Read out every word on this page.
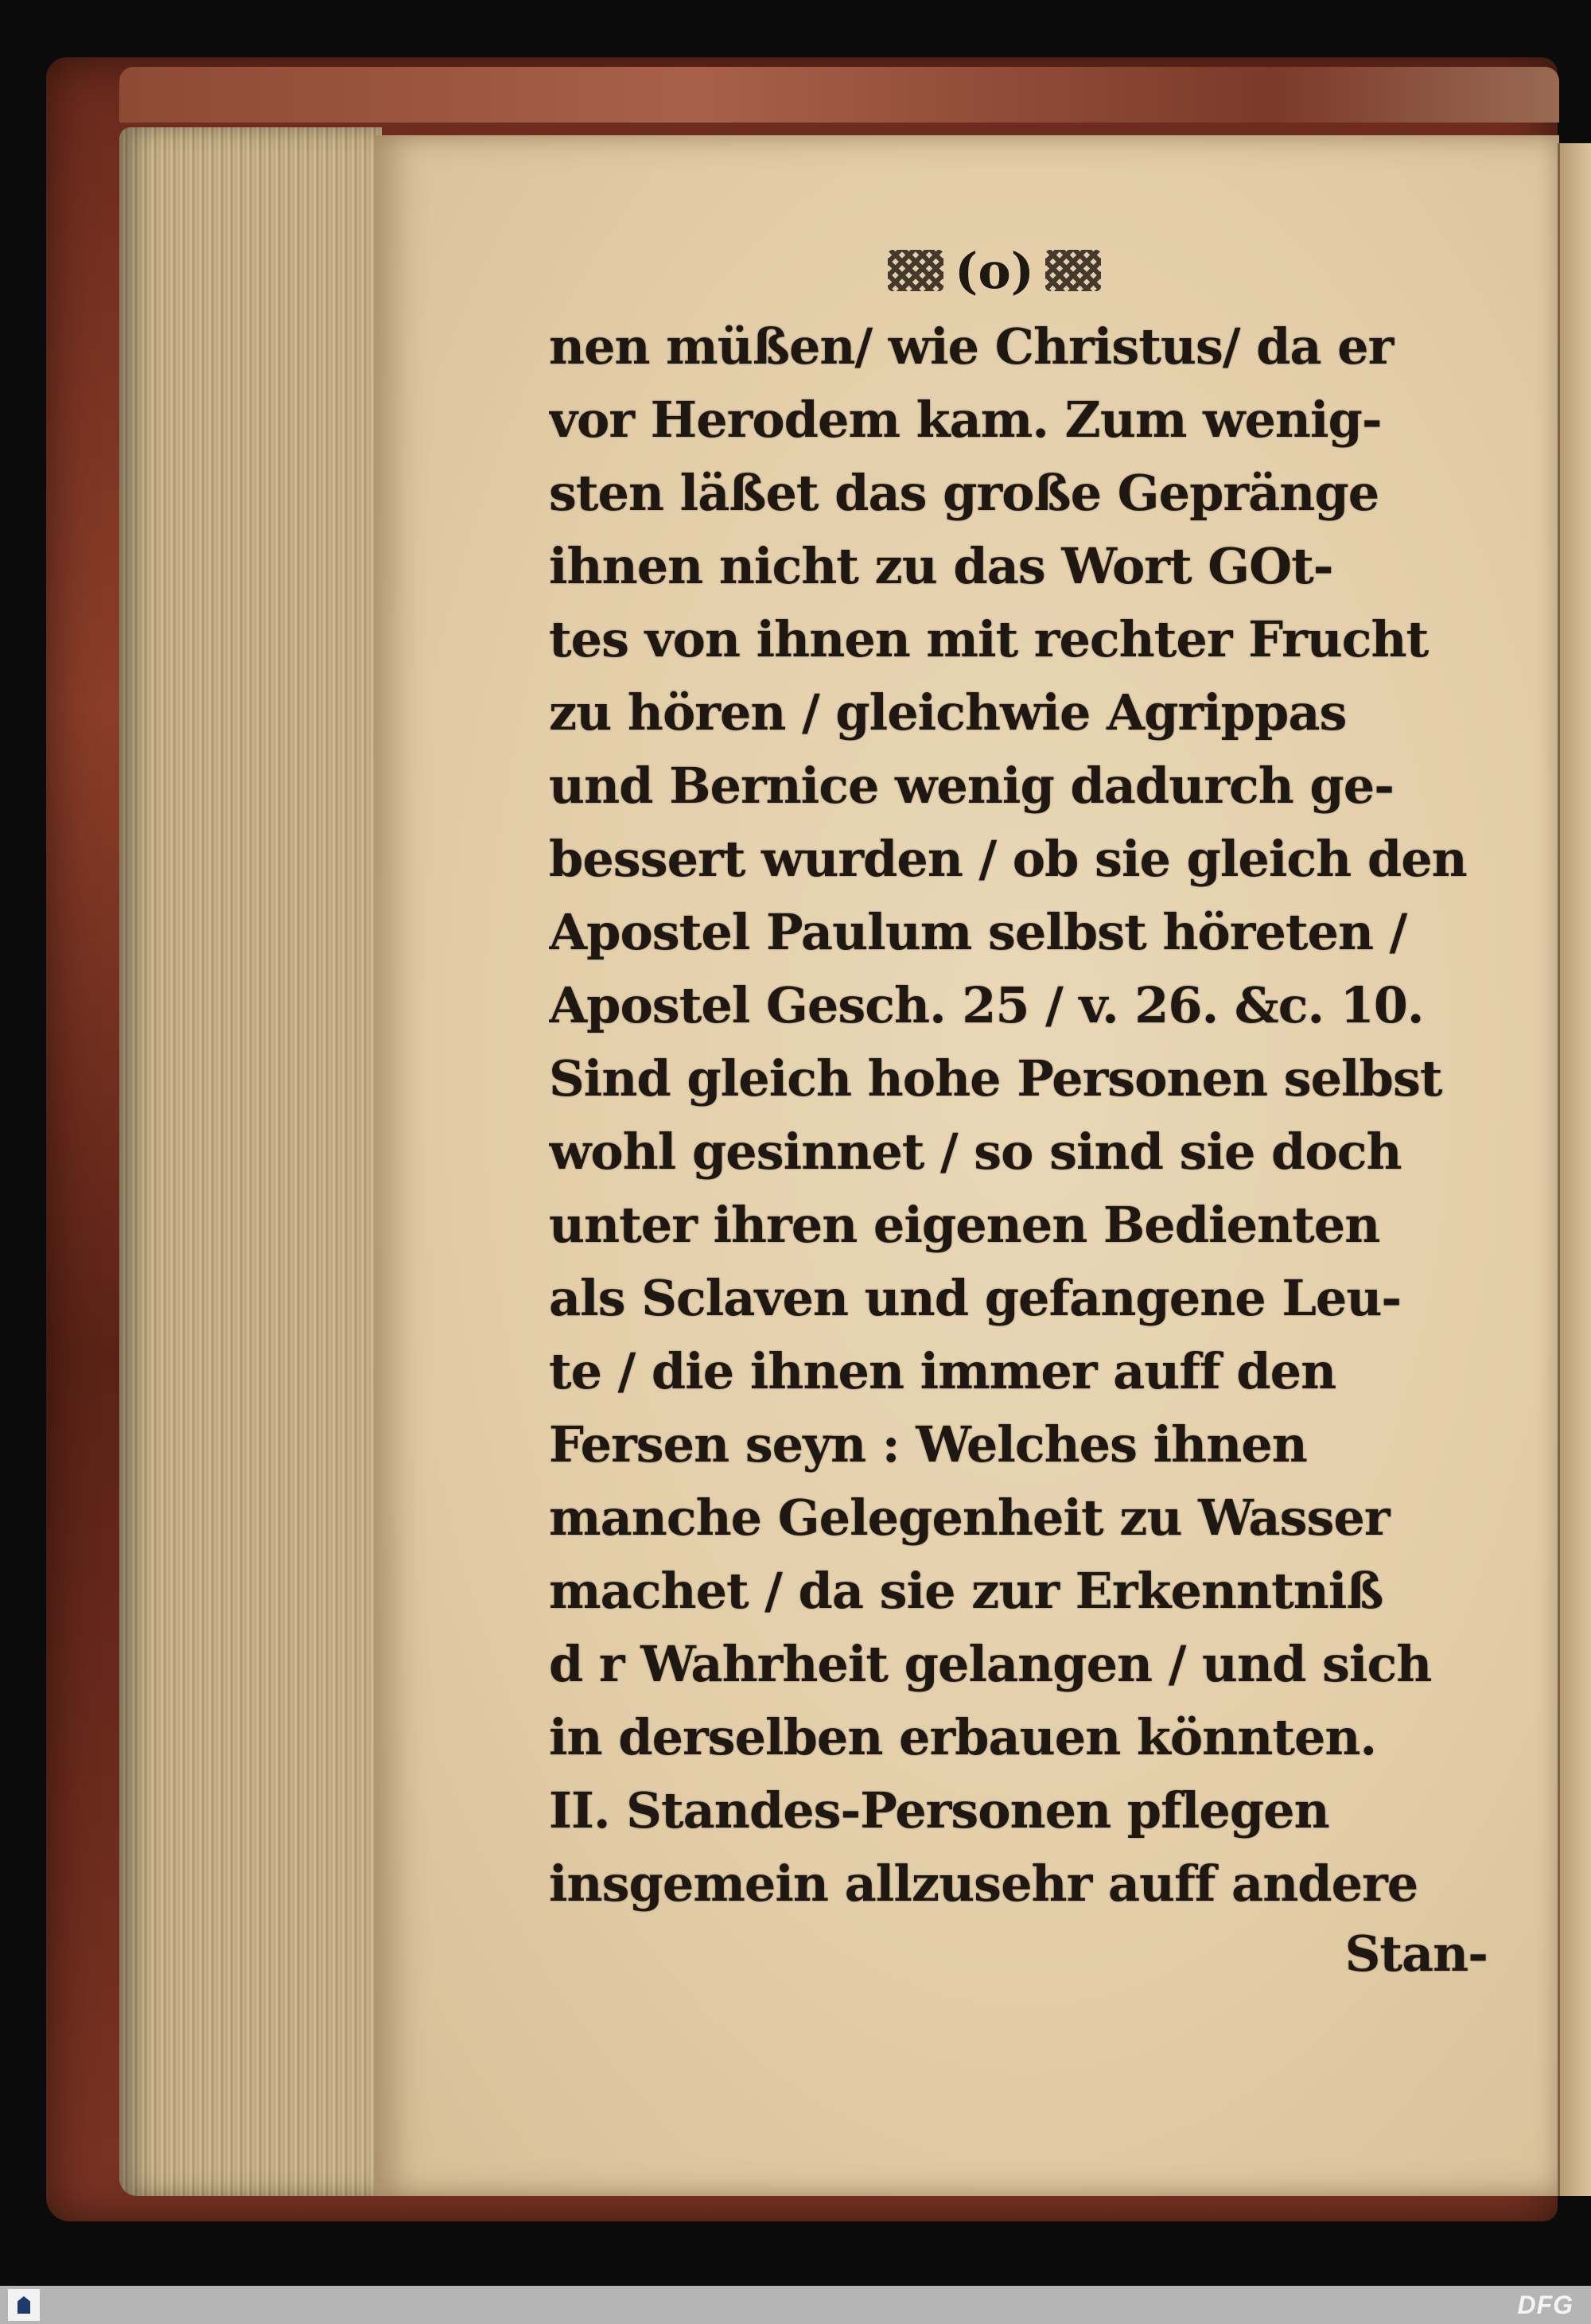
(o)
nen müßen/ wie Christus/ da er
vor Herodem kam. Zum wenig-
sten läßet das große Gepränge
ihnen nicht zu das Wort GOt-
tes von ihnen mit rechter Frucht
zu hören / gleichwie Agrippas
und Bernice wenig dadurch ge-
bessert wurden / ob sie gleich den
Apostel Paulum selbst höreten /
Apostel Gesch. 25 / v. 26. &c. 10.
Sind gleich hohe Personen selbst
wohl gesinnet / so sind sie doch
unter ihren eigenen Bedienten
als Sclaven und gefangene Leu-
te / die ihnen immer auff den
Fersen seyn : Welches ihnen
manche Gelegenheit zu Wasser
machet / da sie zur Erkenntniß
d r Wahrheit gelangen / und sich
in derselben erbauen könnten.
II. Standes-Personen pflegen
insgemein allzusehr auff andere
Stan-
DFG
